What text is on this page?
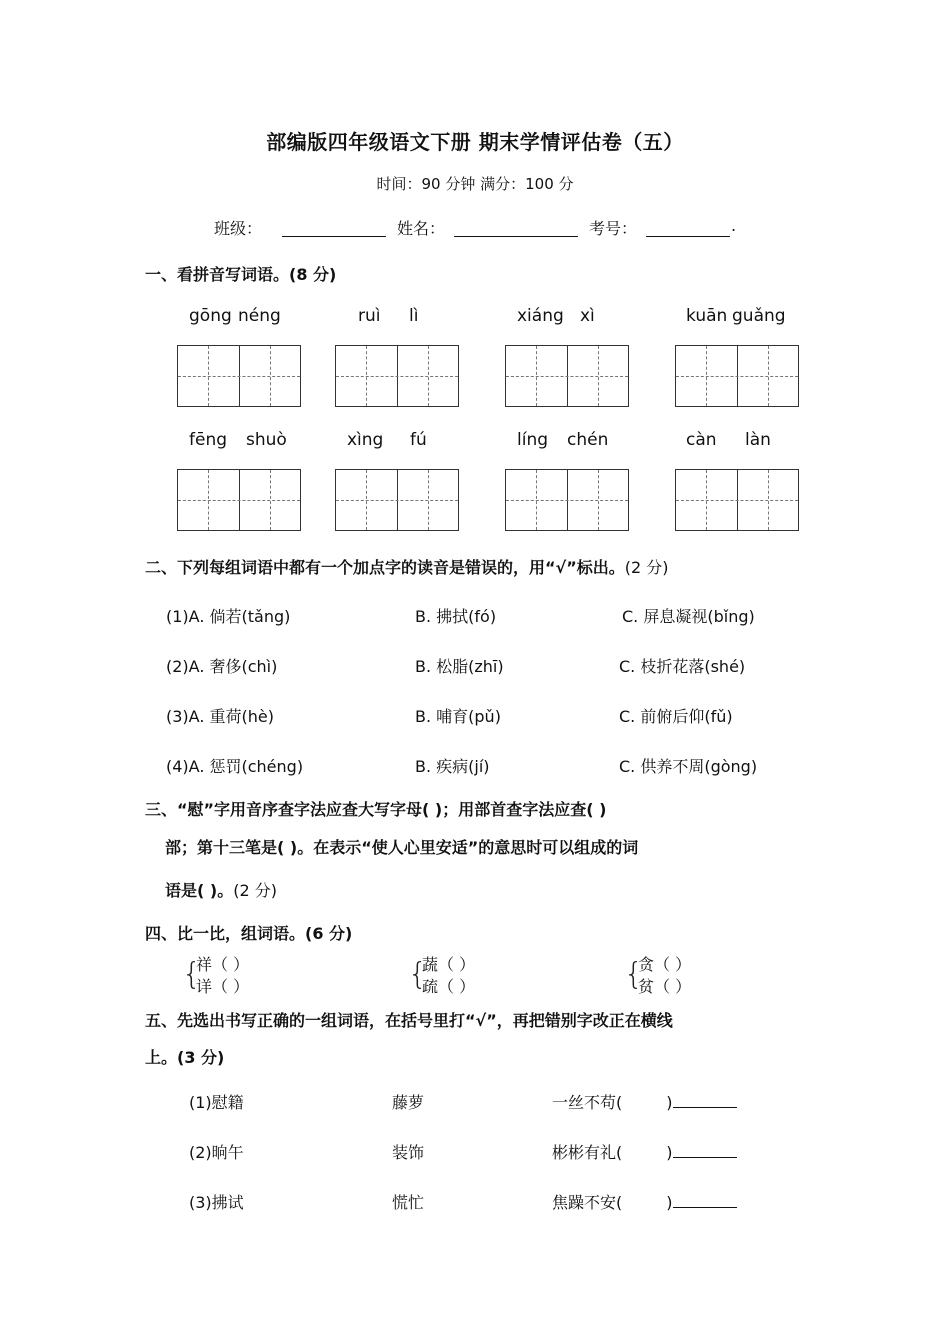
部编版四年级语文下册 期末学情评估卷（五）
时间：90 分钟 满分：100 分
班级：	姓名：	考号：	.
一、看拼音写词语。(8 分)
gōng néng	ruì lì	xiáng xì	kuān guǎng
fēng shuò	xìng fú	líng chén	càn làn
二、下列每组词语中都有一个加点字的读音是错误的，用“√”标出。(2 分)
(1)A. 倘若(tǎng)	B. 拂拭(fó)	C. 屏息凝视(bǐng)
(2)A. 奢侈(chì)	B. 松脂(zhī)	C. 枝折花落(shé)
(3)A. 重荷(hè)	B. 哺育(pǔ)	C. 前俯后仰(fǔ)
(4)A. 惩罚(chéng)	B. 疾病(jí)	C. 供养不周(gòng)
三、“慰”字用音序查字法应查大写字母( )；用部首查字法应查( )
部；第十三笔是( )。在表示“使人心里安适”的意思时可以组成的词
语是( )。(2 分)
四、比一比，组词语。(6 分)
{
祥（ ）
详（ ）	{
蔬（ ）
疏（ ）	{
贪（ ）
贫（ ）
五、先选出书写正确的一组词语，在括号里打“√”，再把错别字改正在横线
上。(3 分)
(1)慰籍	藤萝	一丝不苟(	)
(2)晌午	装饰	彬彬有礼(	)
(3)拂试	慌忙	焦躁不安(	)
